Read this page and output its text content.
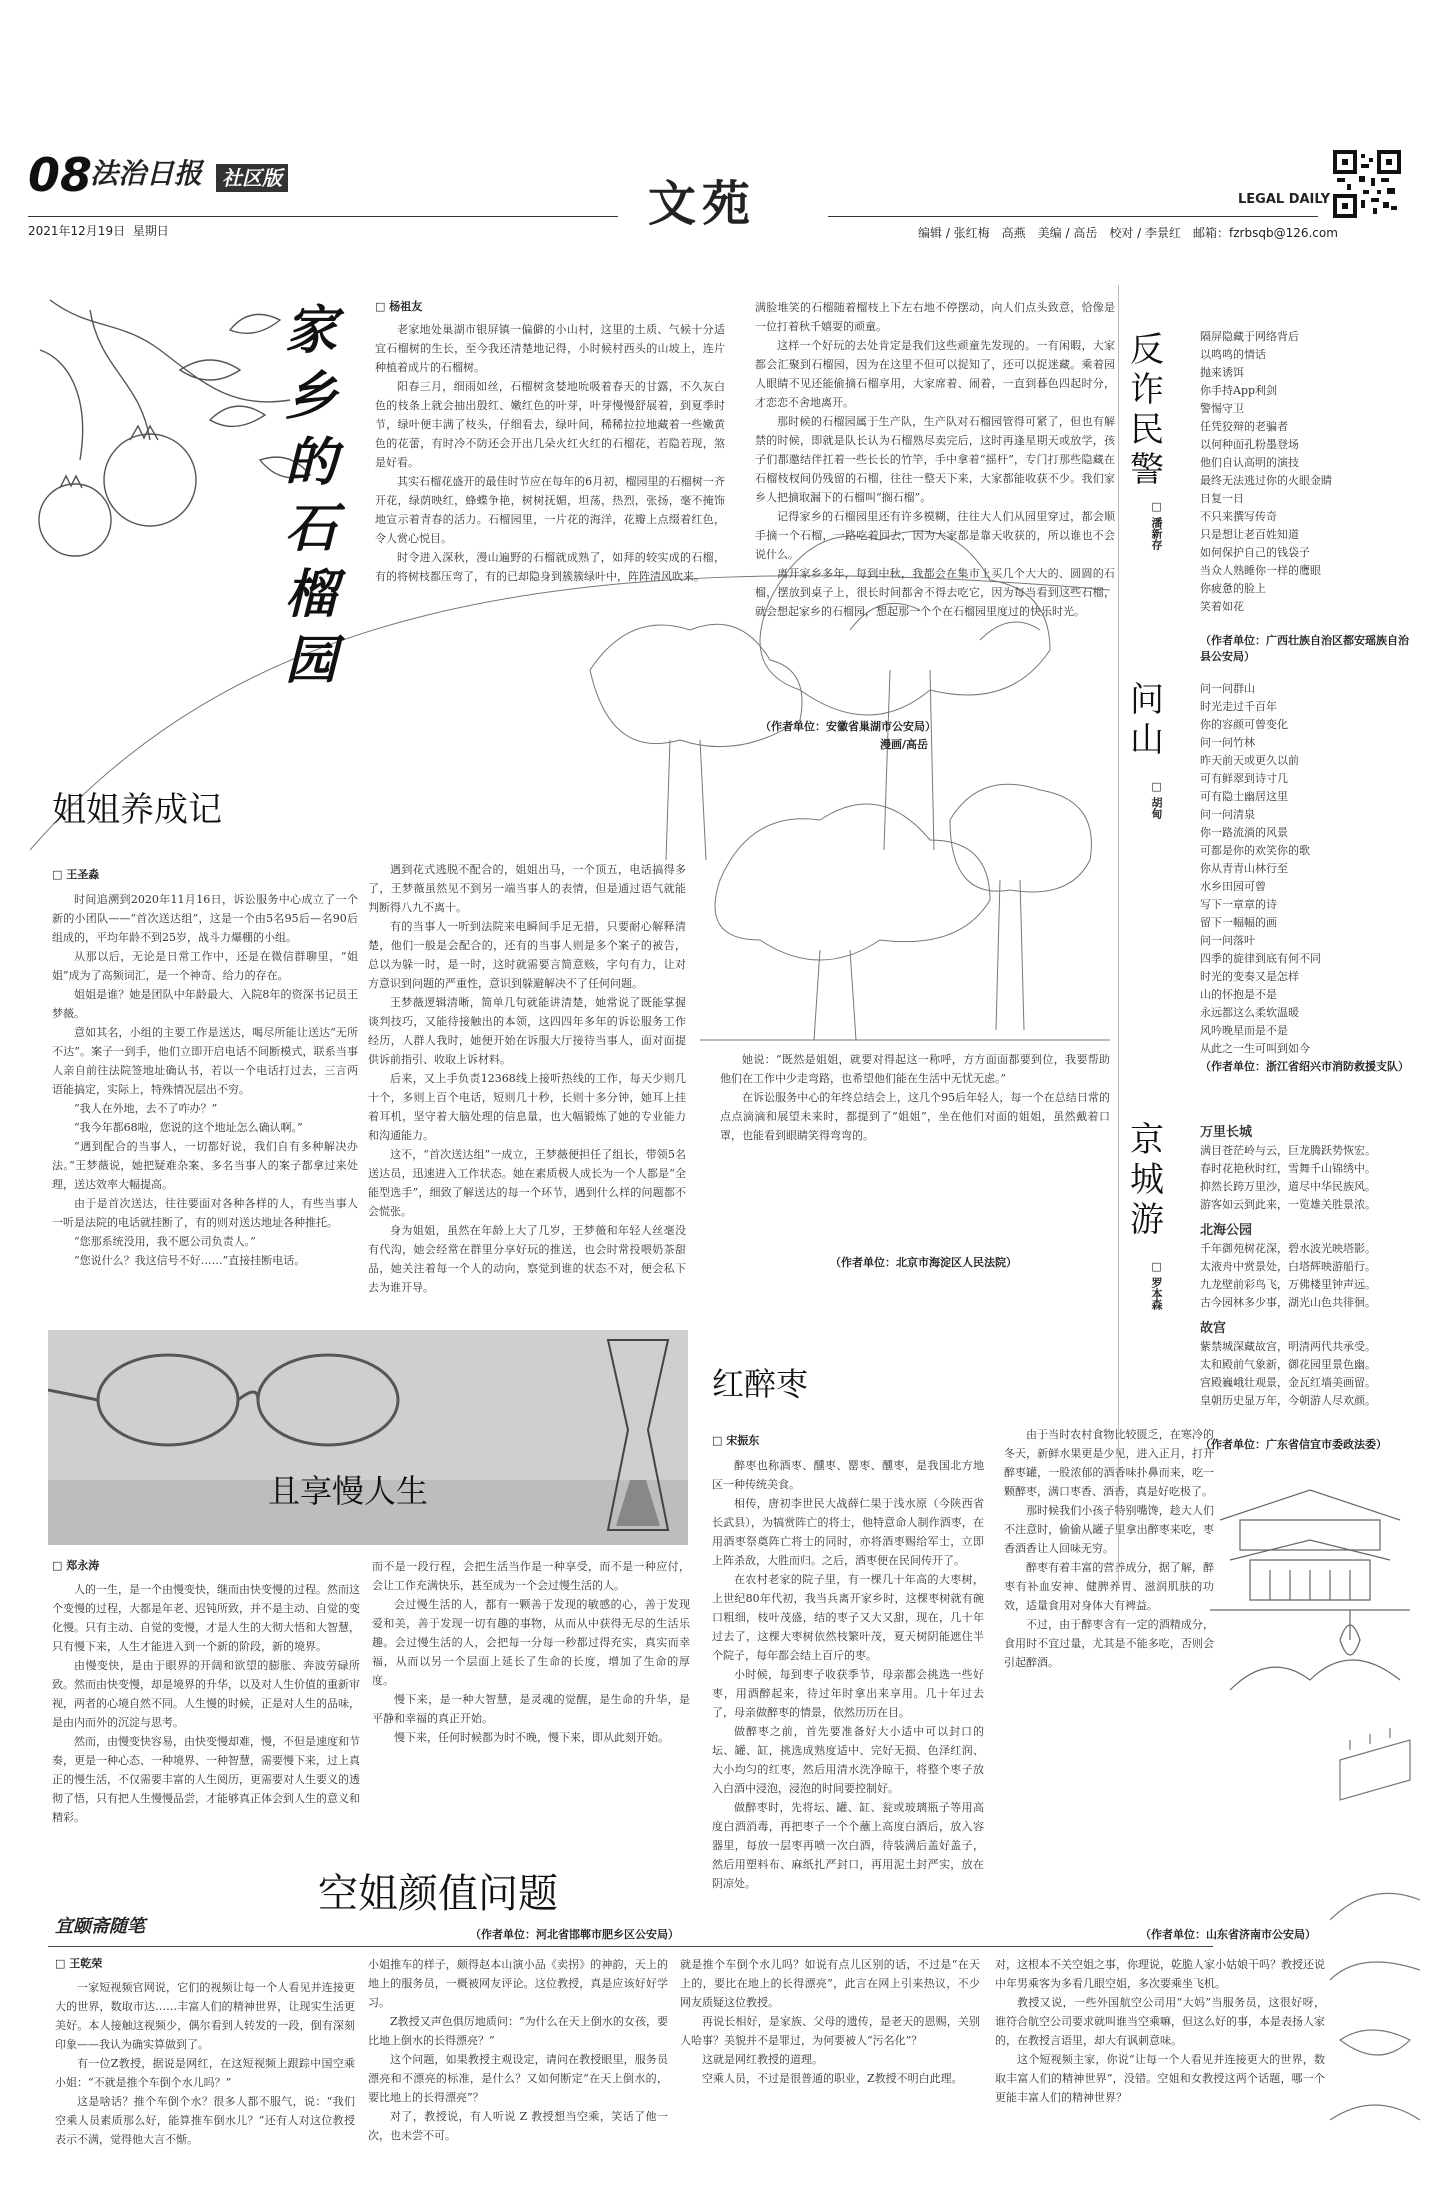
08
法治日报 社区版
2021年12月19日 星期日	文苑	LEGAL DAILY
编辑 / 张红梅　高燕　美编 / 高岳　校对 / 李景红　邮箱：fzrbsqb@126.com
家乡的石榴园
□ 杨祖友

老家地处巢湖市银屏镇一偏僻的小山村，这里的土质、气候十分适宜石榴树的生长，至今我还清楚地记得，小时候村西头的山坡上，连片种植着成片的石榴树。

阳春三月，细雨如丝，石榴树贪婪地吮吸着春天的甘露，不久灰白色的枝条上就会抽出殷红、嫩红色的叶芽，叶芽慢慢舒展着，到夏季时节，绿叶便丰满了枝头，仔细看去，绿叶间，稀稀拉拉地藏着一些嫩黄色的花蕾，有时冷不防还会开出几朵火红火红的石榴花，若隐若现，煞是好看。

其实石榴花盛开的最佳时节应在每年的6月初，榴园里的石榴树一齐开花，绿荫映红，蜂蝶争艳，树树抚媚，坦荡，热烈，张扬，毫不掩饰地宣示着青春的活力。石榴园里，一片花的海洋，花瓣上点缀着红色，令人赏心悦目。

时令进入深秋，漫山遍野的石榴就成熟了，如拜的较实成的石榴，有的将树枝都压弯了，有的已却隐身到簇簇绿叶中，阵阵清风吹来。

满脸堆笑的石榴随着榴枝上下左右地不停摆动，向人们点头致意，恰像是一位打着秋千嬉耍的顽童。

这样一个好玩的去处肯定是我们这些顽童先发现的。一有闲暇，大家都会汇聚到石榴园，因为在这里不但可以捉知了，还可以捉迷藏。乘着园人眼睛不见还能偷摘石榴享用，大家席着、闹着，一直到暮色四起时分，才恋恋不舍地离开。

那时候的石榴园属于生产队，生产队对石榴园管得可紧了，但也有解禁的时候，即就是队长认为石榴熟尽卖完后，这时再逢星期天或放学，孩子们都邀结伴扛着一些长长的竹竿，手中拿着“摇杆”，专门打那些隐藏在石榴枝杈间仍残留的石榴，往往一整天下来，大家都能收获不少。我们家乡人把摘取漏下的石榴叫“搁石榴”。

记得家乡的石榴园里还有许多模糊，往往大人们从园里穿过，都会顺手摘一个石榴，一路吃着回去，因为大家都是靠天收获的，所以谁也不会说什么。

离开家乡多年，每到中秋，我都会在集市上买几个大大的、圆圆的石榴，摆放到桌子上，很长时间都舍不得去吃它，因为每当看到这些石榴，就会想起家乡的石榴园，想起那一个个在石榴园里度过的快乐时光。

（作者单位：安徽省巢湖市公安局）
漫画/高岳
姐姐养成记
□ 王圣淼

时间追溯到2020年11月16日，诉讼服务中心成立了一个新的小团队——“首次送达组”，这是一个由5名95后—名90后组成的，平均年龄不到25岁，战斗力爆棚的小组。

从那以后，无论是日常工作中，还是在微信群聊里，“姐姐”成为了高频词汇，是一个神奇、给力的存在。

姐姐是谁？她是团队中年龄最大、入院8年的资深书记员王梦薇。

意如其名，小组的主要工作是送达，喝尽所能让送达“无所不达”。案子一到手，他们立即开启电话不间断模式，联系当事人亲自前往法院签地址确认书，若以一个电话打过去，三言两语能搞定，实际上，特殊情况层出不穷。

“我人在外地，去不了咋办？”

“我今年都68啦，您说的这个地址怎么确认啊。”

“遇到配合的当事人，一切都好说，我们自有多种解决办法。”王梦薇说，她把疑难杂案、多名当事人的案子都拿过来处理，送达效率大幅提高。

由于是首次送达，往往要面对各种各样的人，有些当事人一听是法院的电话就挂断了，有的则对送达地址各种推托。

“您那系统没用，我不愿公司负责人。”

“您说什么？我这信号不好……”直接挂断电话。

遇到花式逃脱不配合的，姐姐出马，一个顶五，电话搞得多了，王梦薇虽然见不到另一端当事人的表情，但是通过语气就能判断得八九不离十。

有的当事人一听到法院来电瞬间手足无措，只要耐心解释清楚，他们一般是会配合的，还有的当事人则是多个案子的被告，总以为躲一时，是一时，这时就需要言简意赅，字句有力，让对方意识到问题的严重性，意识到躲避解决不了任何问题。

王梦薇逻辑清晰，简单几句就能讲清楚，她常说了既能掌握谈判技巧，又能待接触出的本领，这四四年多年的诉讼服务工作经历，人群人我时，她便开始在诉服大厅接待当事人，面对面提供诉前指引、收取上诉材料。

后来，又上手负责12368线上接听热线的工作，每天少则几十个，多则上百个电话，短则几十秒，长则十多分钟，她耳上挂着耳机，坚守着大脑处理的信息量，也大幅锻炼了她的专业能力和沟通能力。

这不，“首次送达组”一成立，王梦薇便担任了组长，带领5名送达员，迅速进入工作状态。她在素质极人成长为一个人都是“全能型选手”，细致了解送达的每一个环节，遇到什么样的问题都不会慌张。

身为姐姐，虽然在年龄上大了几岁，王梦薇和年轻人丝毫没有代沟，她会经常在群里分享好玩的推送，也会时常投喂奶茶甜品，她关注着每一个人的动向，察觉到谁的状态不对，便会私下去为谁开导。

她说：“既然是姐姐，就要对得起这一称呼，方方面面都要到位，我要帮助他们在工作中少走弯路，也希望他们能在生活中无忧无虑。”

在诉讼服务中心的年终总结会上，这几个95后年轻人，每一个在总结日常的点点滴滴和展望未来时，都提到了“姐姐”，坐在他们对面的姐姐，虽然戴着口罩，也能看到眼睛笑得弯弯的。

（作者单位：北京市海淀区人民法院）
且享慢人生
□ 郑永涛

人的一生，是一个由慢变快，继而由快变慢的过程。然而这个变慢的过程，大都是年老、迟钝所致，并不是主动、自觉的变化慢。只有主动、自觉的变慢，才是人生的大彻大悟和大智慧，只有慢下来，人生才能进入到一个新的阶段，新的境界。

由慢变快，是由于眼界的开阔和欲望的膨胀、奔波劳碌所致。然而由快变慢，却是境界的升华，以及对人生价值的重新审视，两者的心境自然不同。人生慢的时候，正是对人生的品味，是由内而外的沉淀与思考。

然而，由慢变快容易，由快变慢却难，慢，不但是速度和节奏，更是一种心态、一种境界、一种智慧，需要慢下来，过上真正的慢生活，不仅需要丰富的人生阅历，更需要对人生要义的透彻了悟，只有把人生慢慢品尝，才能够真正体会到人生的意义和精彩。

而不是一段行程，会把生活当作是一种享受，而不是一种应付，会让工作充满快乐，甚至成为一个会过慢生活的人。

会过慢生活的人，都有一颗善于发现的敏感的心，善于发现爱和美，善于发现一切有趣的事物，从而从中获得无尽的生活乐趣。会过慢生活的人，会把每一分每一秒都过得充实，真实而幸福，从而以另一个层面上延长了生命的长度，增加了生命的厚度。

慢下来，是一种大智慧，是灵魂的觉醒，是生命的升华，是平静和幸福的真正开始。

慢下来，任何时候都为时不晚，慢下来，即从此刻开始。

（作者单位：河北省邯郸市肥乡区公安局）
红醉枣
□ 宋振东

醉枣也称酒枣、醺枣、罂枣、醺枣，是我国北方地区一种传统美食。

相传，唐初李世民大战薛仁果于浅水原（今陕西省长武县），为犒赏阵亡的将士，他特意命人制作酒枣，在用酒枣祭奠阵亡将士的同时，亦将酒枣赐给军士，立即上阵杀敌，大胜而归。之后，酒枣便在民间传开了。

在农村老家的院子里，有一棵几十年高的大枣树，上世纪80年代初，我当兵离开家乡时，这棵枣树就有碗口粗细，枝叶茂盛，结的枣子又大又甜，现在，几十年过去了，这棵大枣树依然枝繁叶茂，夏天树阴能遮住半个院子，每年都会结上百斤的枣。

小时候，每到枣子收获季节，母亲都会挑选一些好枣，用酒醉起来，待过年时拿出来享用。几十年过去了，母亲做醉枣的情景，依然历历在目。

做醉枣之前，首先要准备好大小适中可以封口的坛、罐、缸，挑选成熟度适中、完好无损、色泽红润、大小均匀的红枣，然后用清水洗净晾干，将整个枣子放入白酒中浸泡，浸泡的时间要控制好。

做醉枣时，先将坛、罐、缸、瓮或玻璃瓶子等用高度白酒消毒，再把枣子一个个蘸上高度白酒后，放入容器里，每放一层枣再喷一次白酒，待装满后盖好盖子，然后用塑料布、麻纸扎严封口，再用泥土封严实，放在阴凉处。

由于当时农村食物比较匮乏，在寒冷的冬天，新鲜水果更是少见，进入正月，打开醉枣罐，一股浓郁的酒香味扑鼻而来，吃一颗醉枣，满口枣香、酒香，真是好吃极了。

那时候我们小孩子特别嘴馋，趁大人们不注意时，偷偷从罐子里拿出醉枣来吃，枣香酒香让人回味无穷。

醉枣有着丰富的营养成分，据了解，醉枣有补血安神、健脾养胃、滋润肌肤的功效，适量食用对身体大有裨益。

不过，由于醉枣含有一定的酒精成分，食用时不宜过量，尤其是不能多吃，否则会引起醉酒。

（作者单位：山东省济南市公安局）
反诈民警
□ 潘新存
隔屏隐藏于网络背后
以鸣鸣的情话
抛来诱饵
你手持App利剑
警惕守卫
任凭狡辩的老骗者
以何种面孔粉墨登场
他们自认高明的演技
最终无法逃过你的火眼金睛
日复一日
不只来撰写传奇
只是想让老百姓知道
如何保护自己的钱袋子
当众人熟睡你一样的鹰眼
你疲惫的脸上
笑着如花
（作者单位：广西壮族自治区都安瑶族自治县公安局）
问山
□ 胡甸
问一问群山
时光走过千百年
你的容颜可曾变化
问一问竹林
昨天前天或更久以前
可有鲜翠到诗寸几
可有隐士幽居这里
问一问清泉
你一路流淌的风景
可都是你的欢笑你的歌
你从青青山林行至
水乡田园可曾
写下一章章的诗
留下一幅幅的画
问一问落叶
四季的旋律到底有何不同
时光的变奏又是怎样
山的怀抱是不是
永远都这么柔软温暖
风吟晚星而是不是
从此之一生可叫到如今
（作者单位：浙江省绍兴市消防救援支队）
京城游
□ 罗本森
万里长城
满目苍茫岭与云，巨龙腾跃势恢宏。
春时花艳秋时红，雪舞千山锦绣中。
抑然长跨万里沙，道尽中华民族风。
游客如云到此来，一览雄关胜景浓。
北海公园
千年御苑树花深，碧水波光映塔影。
太液舟中赏景处，白塔辉映游船行。
九龙壁前彩鸟飞，万佛楼里钟声远。
古今园林多少事，湖光山色共徘徊。
故宫
紫禁城深藏故宫，明清两代共承受。
太和殿前气象新，御花园里景色幽。
宫殿巍峨壮观景，金瓦红墙美画留。
皇朝历史显万年，今朝游人尽欢颜。
（作者单位：广东省信宜市委政法委）
宜颐斋随笔
空姐颜值问题
□ 王乾荣

一家短视频官网说，它们的视频让每一个人看见并连接更大的世界，数取市达……丰富人们的精神世界，让现实生活更美好。本人接触这视频少，偶尔看到人转发的一段，倒有深刻印象——我认为确实算做到了。

有一位Z教授，据说是网红，在这短视频上跟踪中国空乘小姐：“不就是推个车倒个水儿吗？”

这是啥话？推个车倒个水？很多人都不服气，说：“我们空乘人员素质那么好，能算推车倒水儿？”还有人对这位教授表示不满，觉得他大言不惭。

小姐推车的样子，颇得赵本山演小品《卖拐》的神韵，天上的地上的服务员，一概被网友评论。这位教授，真是应该好好学习。

Z教授又声色俱厉地质问：“为什么在天上倒水的女孩，要比地上倒水的长得漂亮？”

这个问题，如果教授主观设定，请问在教授眼里，服务员漂亮和不漂亮的标准，是什么？又如何断定“在天上倒水的，要比地上的长得漂亮”？

对了，教授说，有人听说 Z 教授想当空乘，笑话了他一次，也未尝不可。

就是推个车倒个水儿吗？如说有点儿区别的话，不过是“在天上的，要比在地上的长得漂亮”，此言在网上引来热议，不少网友质疑这位教授。

再说长相好，是家族、父母的遗传，是老天的恩赐，关别人哈事？美貌并不是罪过，为何要被人“污名化”？

这就是网红教授的道理。

空乘人员，不过是很普通的职业，Z教授不明白此理。

对，这根本不关空姐之事，你理说，乾脆人家小姑娘干吗？教授还说中年男乘客为多看几眼空姐，多次要乘坐飞机。

教授又说，一些外国航空公司用“大妈”当服务员，这很好呀，谁符合航空公司要求就叫谁当空乘嘛，但这么好的事，本是表扬人家的，在教授言语里，却大有讽刺意味。

这个短视频主家，你说“让每一个人看见并连接更大的世界，数取丰富人们的精神世界”，没错。空姐和女教授这两个话题，哪一个更能丰富人们的精神世界？
